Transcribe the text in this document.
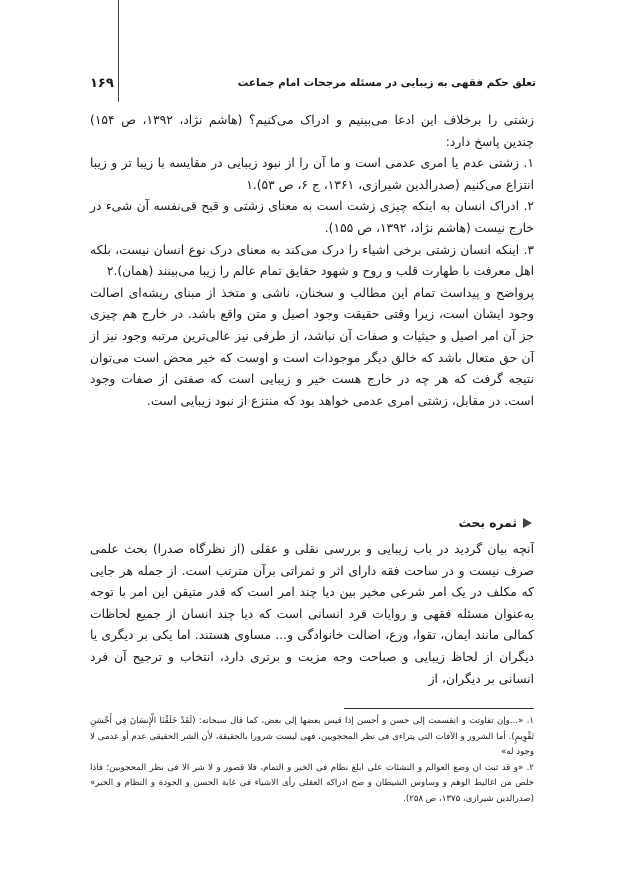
۱۶۹	تعلق حکم فقهی به زیبایی در مسئله مرجحات امام جماعت

زشتی را برخلاف این ادعا می‌بینیم و ادراک می‌کنیم؟ (هاشم نژاد، ۱۳۹۲، ص ۱۵۴) چندین پاسخ دارد:

۱. زشتی عدم یا امری عدمی است و ما آن را از نبود زیبایی در مقایسه با زیبا تر و زیبا انتزاع می‌کنیم (صدرالدین شیرازی، ۱۳۶۱، ج ۶، ص ۵۳).۱

۲. ادراک انسان به اینکه چیزی زشت است به معنای زشتی و قبح فی‌نفسه آن شیء در خارج نیست (هاشم نژاد، ۱۳۹۲، ص ۱۵۵).

۳. اینکه انسان زشتی برخی اشیاء را درک می‌کند به معنای درک نوع انسان نیست، بلکه اهل معرفت با طهارت قلب و روح و شهود حقایق تمام عالم را زیبا می‌بینند (همان).۲

پرواضح و پیداست تمام این مطالب و سخنان، ناشی و متخذ از مبنای ریشه‌ای اصالت وجود ایشان است، زیرا وقتی حقیقت وجود اصیل و متن واقع باشد. در خارج هم چیزی جز آن امر اصیل و حیثیات و صفات آن نباشد، از طرفی نیز عالی‌ترین مرتبه وجود نیز از آن حق متعال باشد که خالق دیگر موجودات است و اوست که خیر محض است می‌توان نتیجه گرفت که هر چه در خارج هست خیر و زیبایی است که صفتی از صفات وجود است. در مقابل، زشتی امری عدمی خواهد بود که منتزع از نبود زیبایی است.

ثمره بحث

آنچه بیان گردید در باب زیبایی و بررسی نقلی و عقلی (از نظرگاه صدرا) بحث علمی صرف نیست و در ساحت فقه دارای اثر و ثمراتی برآن مترتب است. از جمله هر جایی که مکلف در یک امر شرعی مخیر بین دیا چند امر است که قدر متیقن این امر با توجه به‌عنوان مسئله فقهی و روایات فرد انسانی است که دیا چند انسان از جمیع لحاظات کمالی مانند ایمان، تقوا، ورع، اصالت خانوادگی و... مساوی هستند. اما یکی بر دیگری یا دیگران از لحاظ زیبایی و صباحت وجه مزیت و برتری دارد، انتخاب و ترجیح آن فرد انسانی بر دیگران، از

۱. «...وإن تفاوتت و انقسمت إلی حسن و أحسن إذا قیس بعضها إلی بعض، کما قال سبحانه: (لَقَدْ خَلَقْنَا الْإِنسَانَ فِي أَحْسَنِ تَقْوِيمٍ). أما الشرور و الآفات التی یتراءی فی نظر المحجوبین، فهی لیست شرورا بالحقیقة، لأن الشر الحقیقی عدم أو عدمی لا وجود له»

۲. «و قد ثبت ان وضع العوالم و النشئات علی ابلغ نظام فی الخیر و التمام، فلا قصور و لا شر الا فی نظر المحجوبین؛ فاذا خلص من اغالیط الوهم و وساوس الشیطان و صح ادراکه العقلی رأی الاشیاء فی غایة الحسن و الجودة و النظام و الخیر» (صدرالدین شیرازی، ۱۳۷۵، ص ۲۵۸).
